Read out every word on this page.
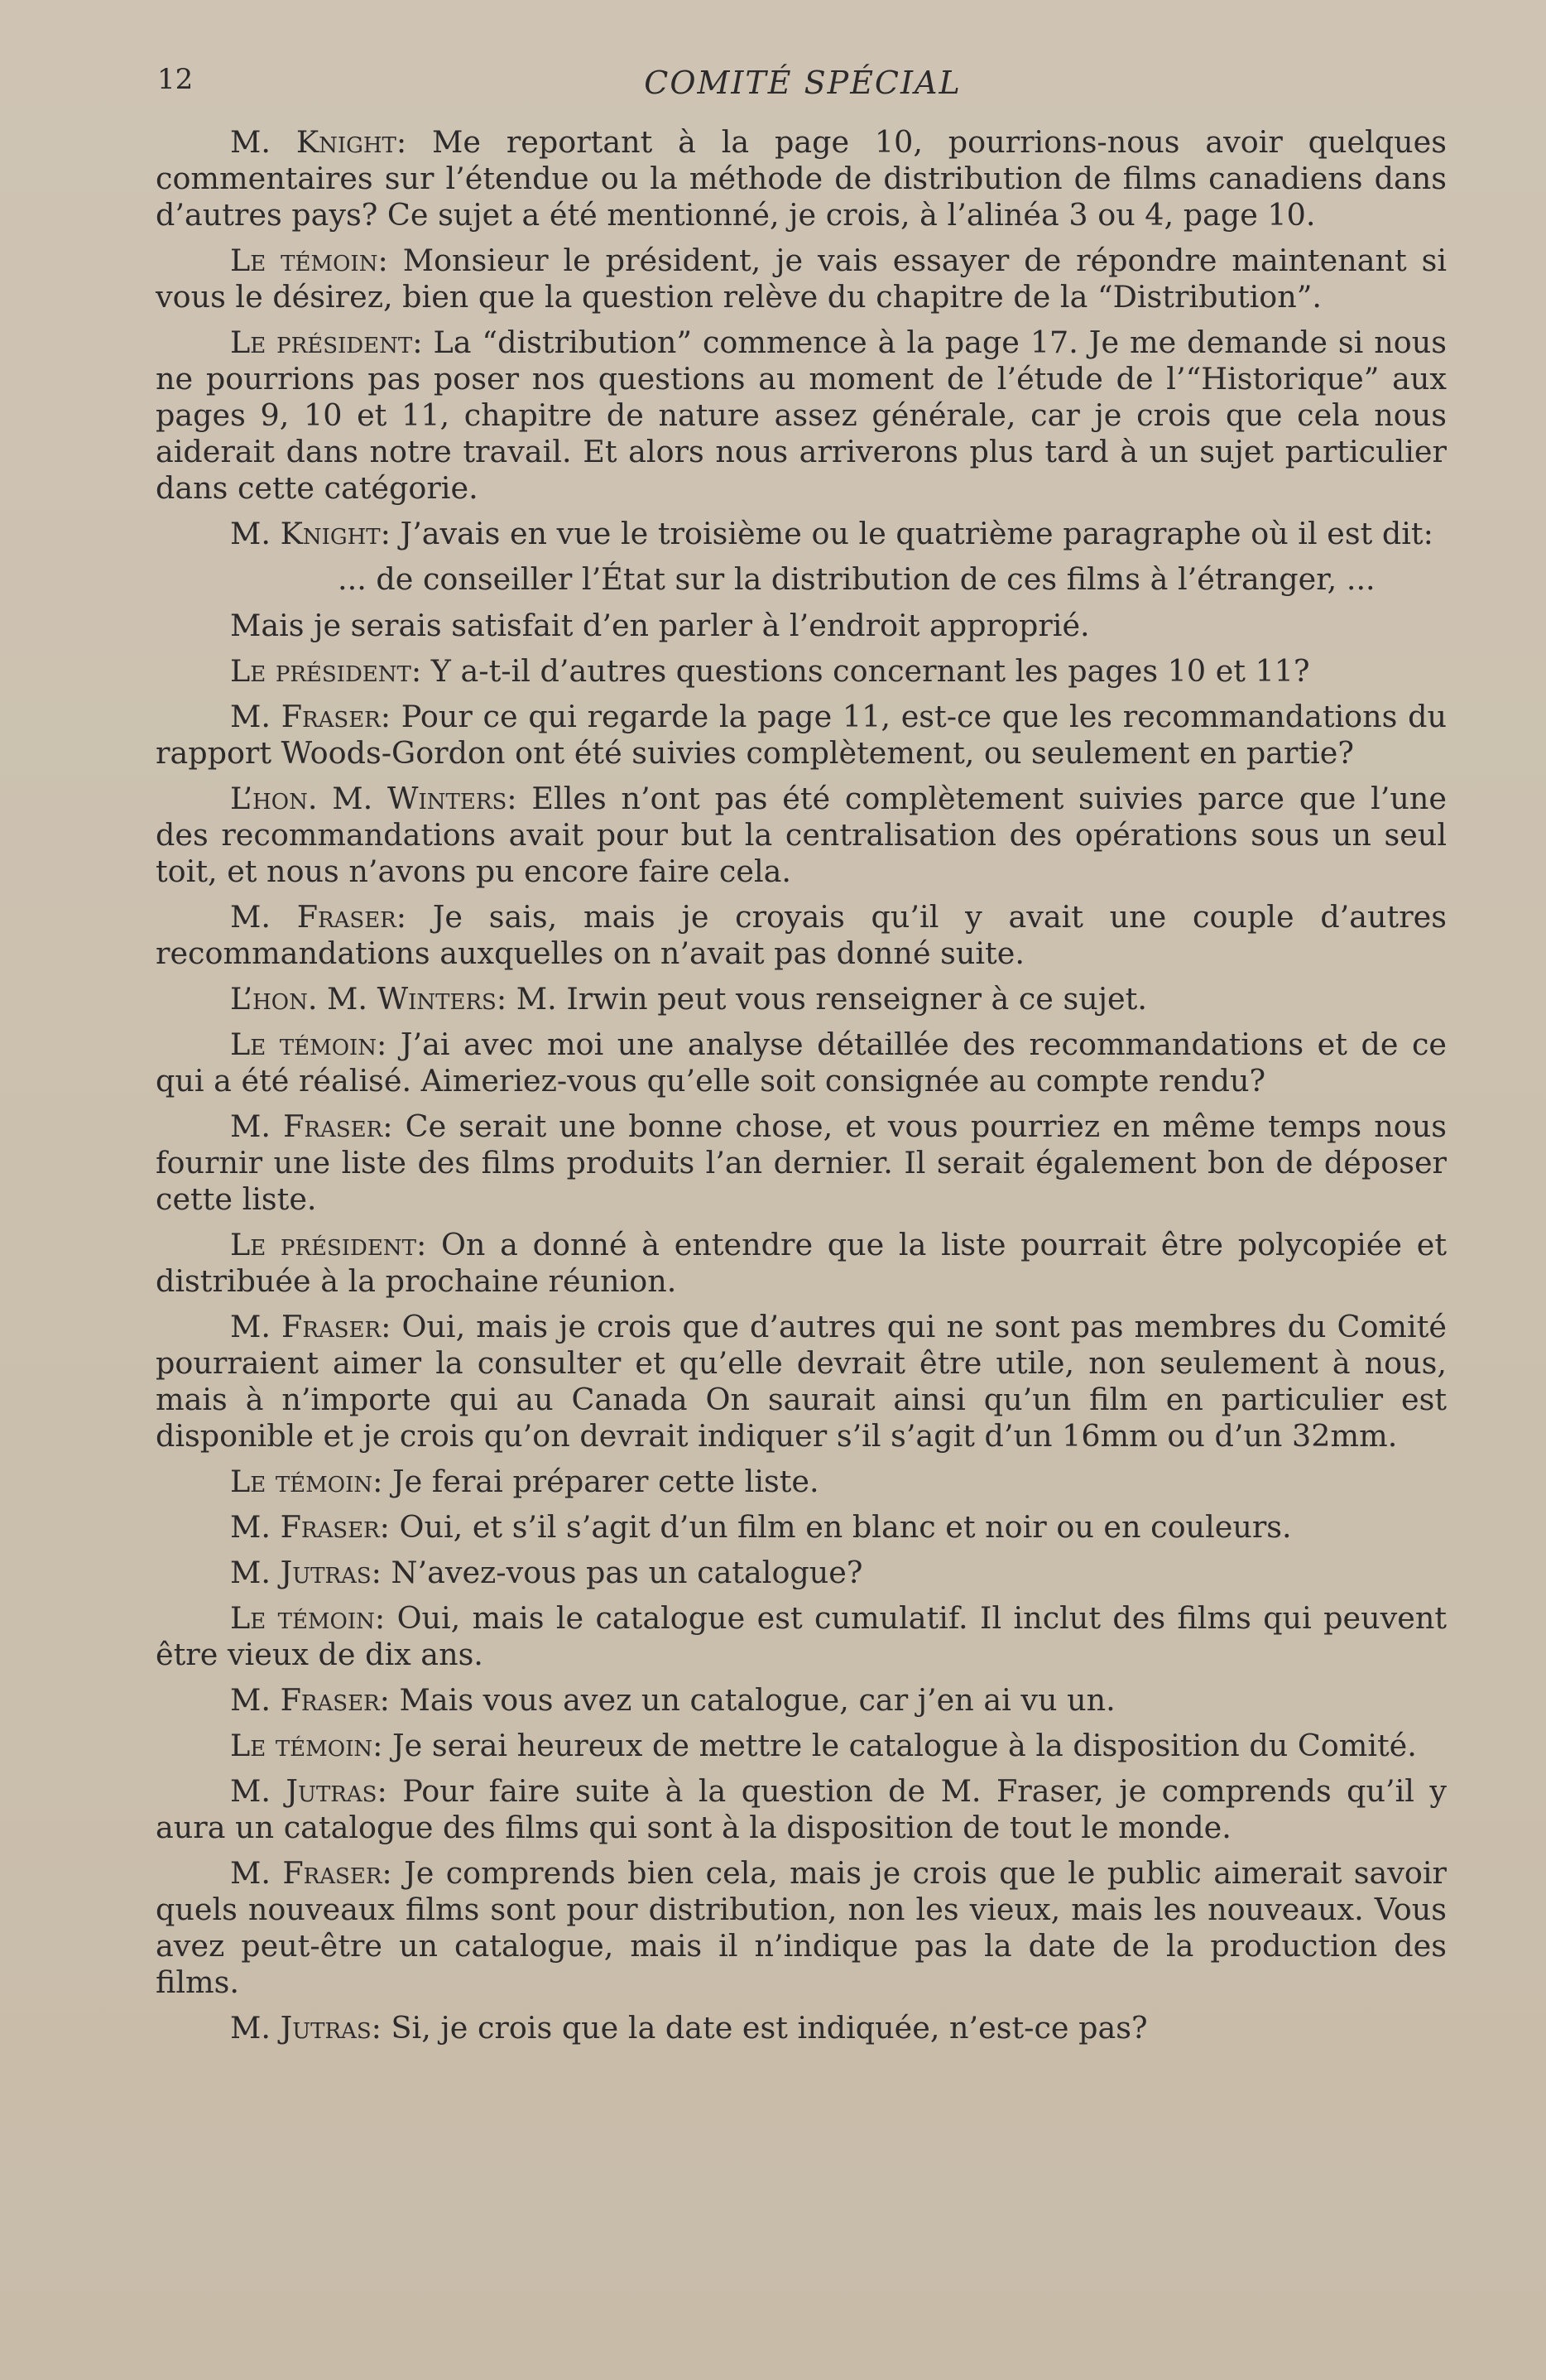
12	COMITÉ SPÉCIAL

M. Knight: Me reportant à la page 10, pourrions-nous avoir quelques commentaires sur l’étendue ou la méthode de distribution de films canadiens dans d’autres pays? Ce sujet a été mentionné, je crois, à l’alinéa 3 ou 4, page 10.

Le témoin: Monsieur le président, je vais essayer de répondre maintenant si vous le désirez, bien que la question relève du chapitre de la “Distribution”.

Le président: La “distribution” commence à la page 17. Je me demande si nous ne pourrions pas poser nos questions au moment de l’étude de l’“Historique” aux pages 9, 10 et 11, chapitre de nature assez générale, car je crois que cela nous aiderait dans notre travail. Et alors nous arriverons plus tard à un sujet particulier dans cette catégorie.

M. Knight: J’avais en vue le troisième ou le quatrième paragraphe où il est dit:

... de conseiller l’État sur la distribution de ces films à l’étranger, ...

Mais je serais satisfait d’en parler à l’endroit approprié.

Le président: Y a-t-il d’autres questions concernant les pages 10 et 11?

M. Fraser: Pour ce qui regarde la page 11, est-ce que les recommandations du rapport Woods-Gordon ont été suivies complètement, ou seulement en partie?

L’hon. M. Winters: Elles n’ont pas été complètement suivies parce que l’une des recommandations avait pour but la centralisation des opérations sous un seul toit, et nous n’avons pu encore faire cela.

M. Fraser: Je sais, mais je croyais qu’il y avait une couple d’autres recommandations auxquelles on n’avait pas donné suite.

L’hon. M. Winters: M. Irwin peut vous renseigner à ce sujet.

Le témoin: J’ai avec moi une analyse détaillée des recommandations et de ce qui a été réalisé. Aimeriez-vous qu’elle soit consignée au compte rendu?

M. Fraser: Ce serait une bonne chose, et vous pourriez en même temps nous fournir une liste des films produits l’an dernier. Il serait également bon de déposer cette liste.

Le président: On a donné à entendre que la liste pourrait être polycopiée et distribuée à la prochaine réunion.

M. Fraser: Oui, mais je crois que d’autres qui ne sont pas membres du Comité pourraient aimer la consulter et qu’elle devrait être utile, non seulement à nous, mais à n’importe qui au Canada On saurait ainsi qu’un film en particulier est disponible et je crois qu’on devrait indiquer s’il s’agit d’un 16mm ou d’un 32mm.

Le témoin: Je ferai préparer cette liste.

M. Fraser: Oui, et s’il s’agit d’un film en blanc et noir ou en couleurs.

M. Jutras: N’avez-vous pas un catalogue?

Le témoin: Oui, mais le catalogue est cumulatif. Il inclut des films qui peuvent être vieux de dix ans.

M. Fraser: Mais vous avez un catalogue, car j’en ai vu un.

Le témoin: Je serai heureux de mettre le catalogue à la disposition du Comité.

M. Jutras: Pour faire suite à la question de M. Fraser, je comprends qu’il y aura un catalogue des films qui sont à la disposition de tout le monde.

M. Fraser: Je comprends bien cela, mais je crois que le public aimerait savoir quels nouveaux films sont pour distribution, non les vieux, mais les nouveaux. Vous avez peut-être un catalogue, mais il n’indique pas la date de la production des films.

M. Jutras: Si, je crois que la date est indiquée, n’est-ce pas?
